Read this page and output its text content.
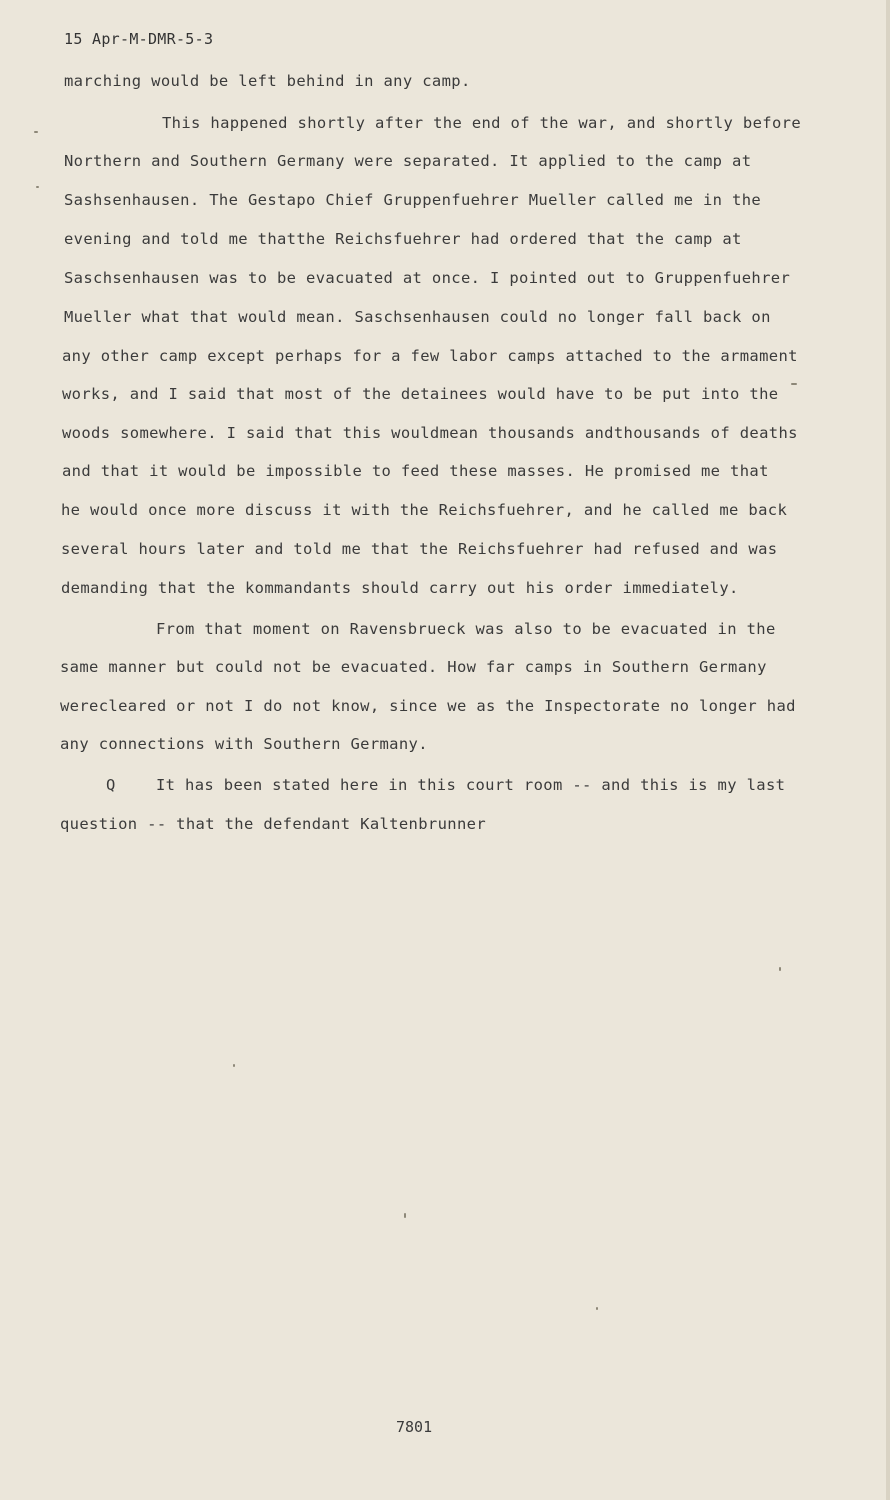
15 Apr-M-DMR-5-3
marching would be left behind in any camp.
This happened shortly after the end of the war, and shortly before
Northern and Southern Germany were separated. It applied to the camp at
Sashsenhausen. The Gestapo Chief Gruppenfuehrer Mueller called me in the
evening and told me thatthe Reichsfuehrer had ordered that the camp at
Saschsenhausen was to be evacuated at once. I pointed out to Gruppenfuehrer
Mueller what that would mean. Saschsenhausen could no longer fall back on
any other camp except perhaps for a few labor camps attached to the armament
works, and I said that most of the detainees would have to be put into the
woods somewhere. I said that this wouldmean thousands andthousands of deaths
and that it would be impossible to feed these masses. He promised me that
he would once more discuss it with the Reichsfuehrer, and he called me back
several hours later and told me that the Reichsfuehrer had refused and was
demanding that the kommandants should carry out his order immediately.
From that moment on Ravensbrueck was also to be evacuated in the
same manner but could not be evacuated. How far camps in Southern Germany
werecleared or not I do not know, since we as the Inspectorate no longer had
any connections with Southern Germany.
Q	It has been stated here in this court room -- and this is my last
question -- that the defendant Kaltenbrunner
7801
